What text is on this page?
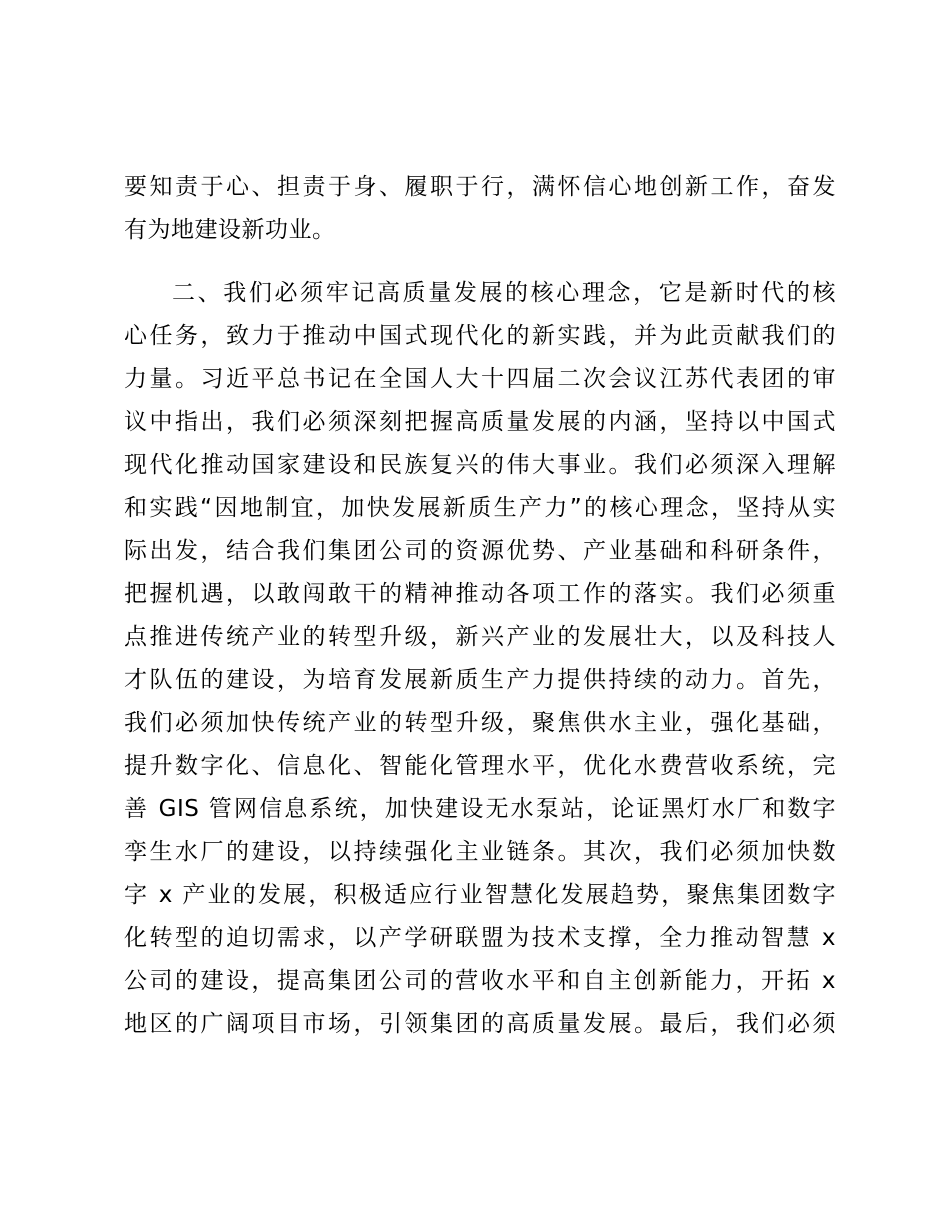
要知责于心、担责于身、履职于行，满怀信心地创新工作，奋发
有为地建设新功业。
二、我们必须牢记高质量发展的核心理念，它是新时代的核
心任务，致力于推动中国式现代化的新实践，并为此贡献我们的
力量。习近平总书记在全国人大十四届二次会议江苏代表团的审
议中指出，我们必须深刻把握高质量发展的内涵，坚持以中国式
现代化推动国家建设和民族复兴的伟大事业。我们必须深入理解
和实践“因地制宜，加快发展新质生产力”的核心理念，坚持从实
际出发，结合我们集团公司的资源优势、产业基础和科研条件，
把握机遇，以敢闯敢干的精神推动各项工作的落实。我们必须重
点推进传统产业的转型升级，新兴产业的发展壮大，以及科技人
才队伍的建设，为培育发展新质生产力提供持续的动力。首先，
我们必须加快传统产业的转型升级，聚焦供水主业，强化基础，
提升数字化、信息化、智能化管理水平，优化水费营收系统，完
善 GIS 管网信息系统，加快建设无水泵站，论证黑灯水厂和数字
孪生水厂的建设，以持续强化主业链条。其次，我们必须加快数
字 x 产业的发展，积极适应行业智慧化发展趋势，聚焦集团数字
化转型的迫切需求，以产学研联盟为技术支撑，全力推动智慧 x
公司的建设，提高集团公司的营收水平和自主创新能力，开拓 x
地区的广阔项目市场，引领集团的高质量发展。最后，我们必须
